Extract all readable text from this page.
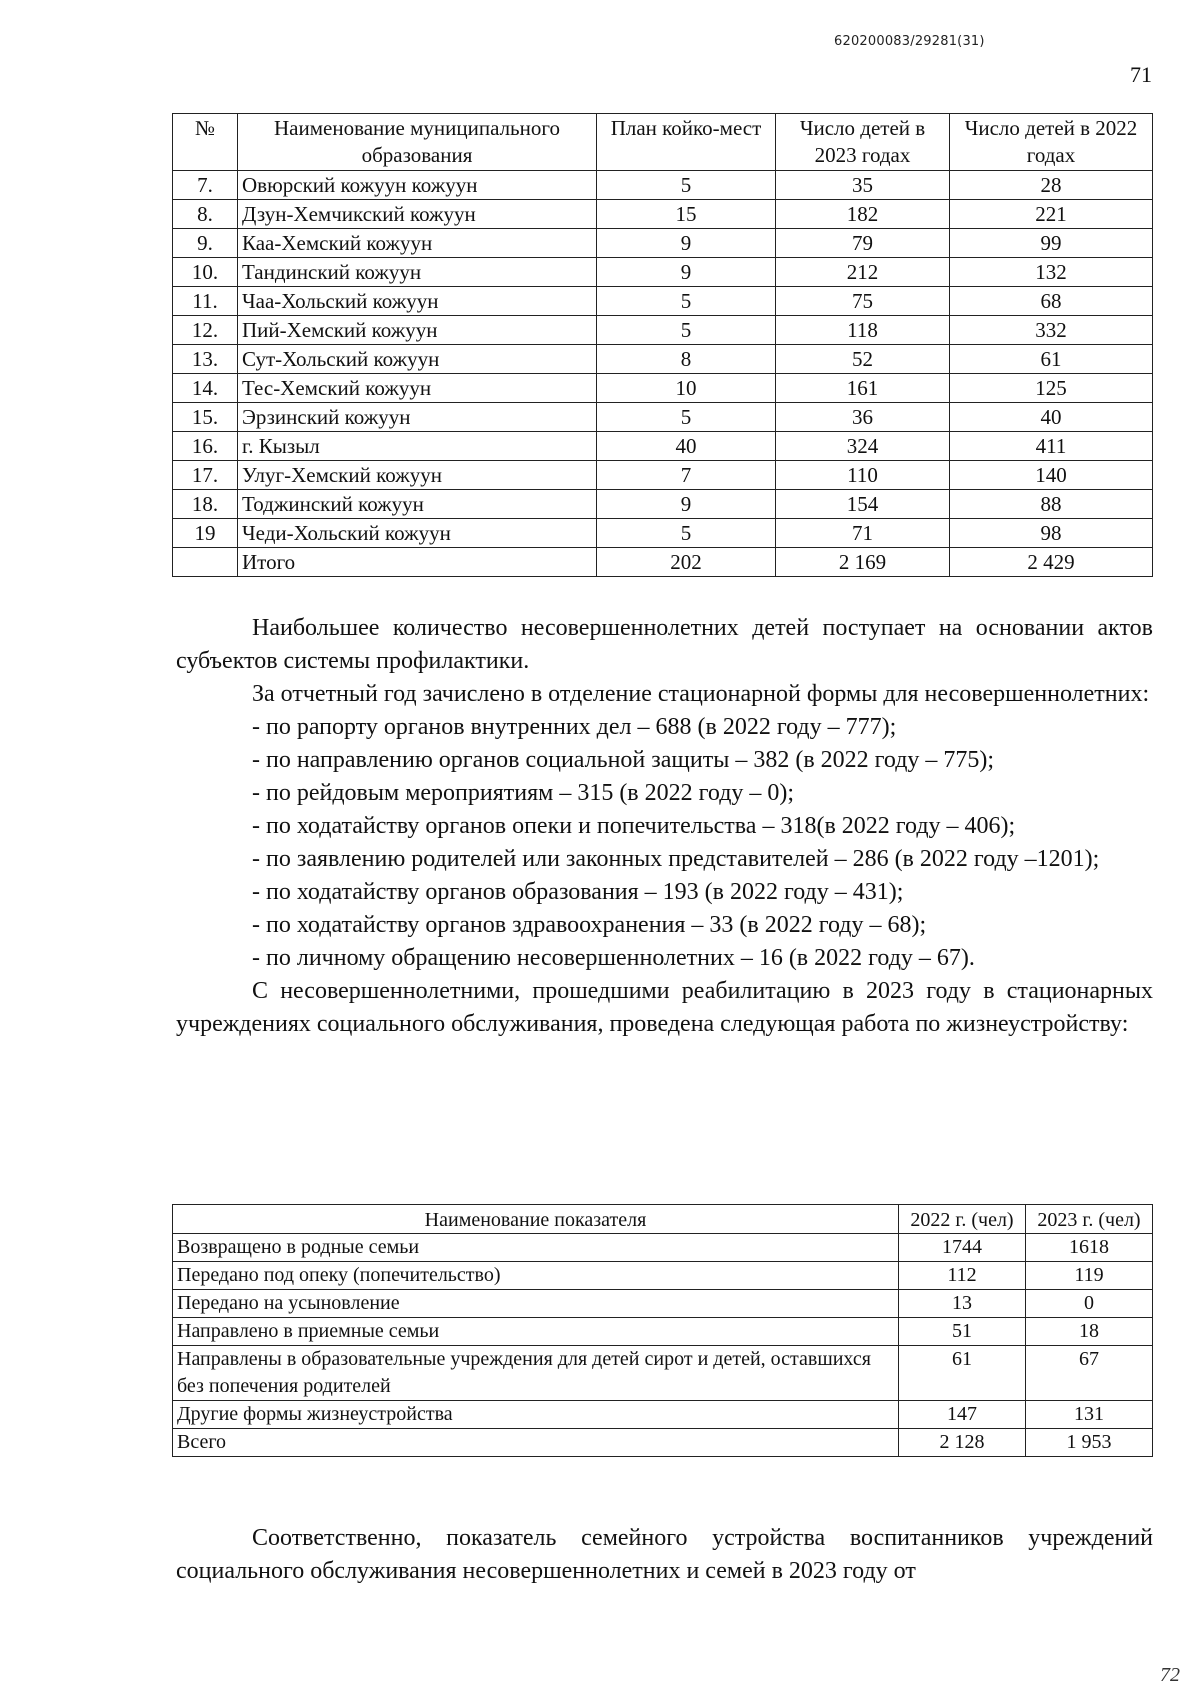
620200083/29281(31)
71
№	Наименование муниципального образования	План койко-мест	Число детей в 2023 годах	Число детей в 2022 годах
7.	Овюрский кожуун кожуун	5	35	28
8.	Дзун-Хемчикский кожуун	15	182	221
9.	Каа-Хемский кожуун	9	79	99
10.	Тандинский кожуун	9	212	132
11.	Чаа-Хольский кожуун	5	75	68
12.	Пий-Хемский кожуун	5	118	332
13.	Сут-Хольский кожуун	8	52	61
14.	Тес-Хемский кожуун	10	161	125
15.	Эрзинский кожуун	5	36	40
16.	г. Кызыл	40	324	411
17.	Улуг-Хемский кожуун	7	110	140
18.	Тоджинский кожуун	9	154	88
19	Чеди-Хольский кожуун	5	71	98
	Итого	202	2 169	2 429

Наибольшее количество несовершеннолетних детей поступает на основании актов субъектов системы профилактики.

За отчетный год зачислено в отделение стационарной формы для несовершеннолетних:

- по рапорту органов внутренних дел – 688 (в 2022 году – 777);
- по направлению органов социальной защиты – 382 (в 2022 году – 775);
- по рейдовым мероприятиям – 315 (в 2022 году – 0);
- по ходатайству органов опеки и попечительства – 318(в 2022 году – 406);
- по заявлению родителей или законных представителей – 286 (в 2022 году –1201);
- по ходатайству органов образования – 193 (в 2022 году – 431);
- по ходатайству органов здравоохранения – 33 (в 2022 году – 68);
- по личному обращению несовершеннолетних – 16 (в 2022 году – 67).

С несовершеннолетними, прошедшими реабилитацию в 2023 году в стационарных учреждениях социального обслуживания, проведена следующая работа по жизнеустройству:

Наименование показателя	2022 г. (чел)	2023 г. (чел)
Возвращено в родные семьи	1744	1618
Передано под опеку (попечительство)	112	119
Передано на усыновление	13	0
Направлено в приемные семьи	51	18
Направлены в образовательные учреждения для детей сирот и детей, оставшихся без попечения родителей	61	67
Другие формы жизнеустройства	147	131
Всего	2 128	1 953

Соответственно, показатель семейного устройства воспитанников учреждений социального обслуживания несовершеннолетних и семей в 2023 году от

72
